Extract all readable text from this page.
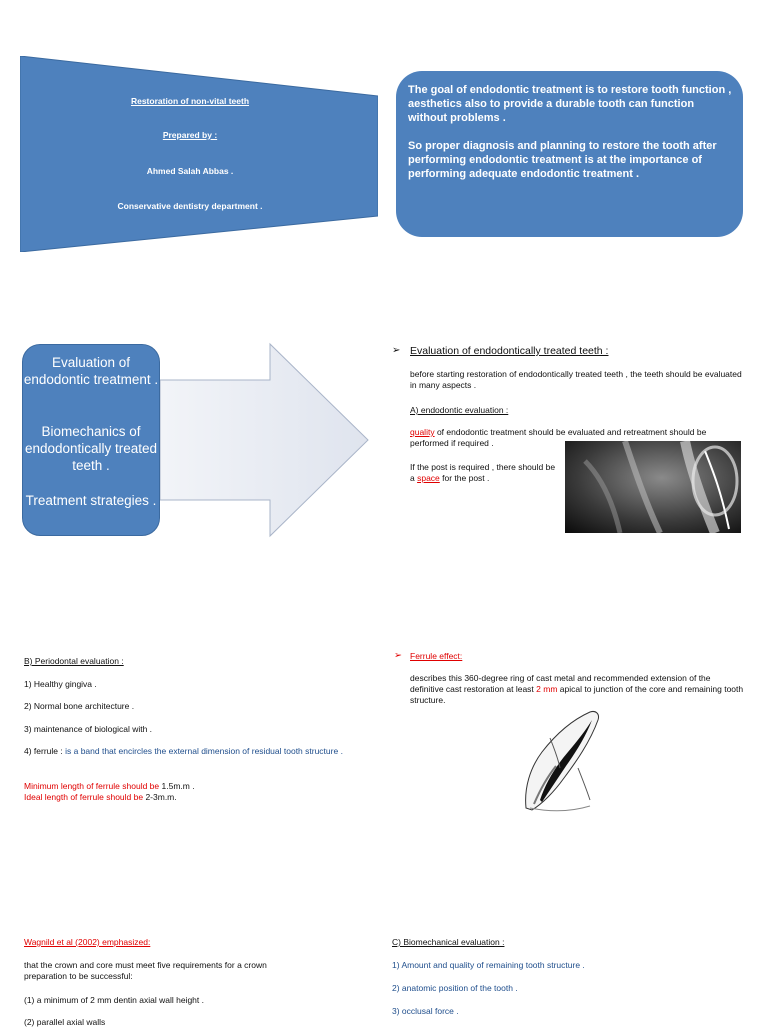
Restoration of non-vital teeth
Prepared by :
Ahmed Salah Abbas .
Conservative dentistry department .
The goal of endodontic treatment is to restore tooth function , aesthetics also to provide a durable tooth can function without problems .
So proper diagnosis and planning to restore the tooth after performing endodontic treatment is at the importance of performing adequate endodontic treatment .
Evaluation of endodontic treatment .
Biomechanics of endodontically treated teeth .
Treatment strategies .
➢ Evaluation of endodontically treated teeth :
before starting restoration of endodontically treated teeth , the teeth should be evaluated in many aspects .
A) endodontic evaluation :
quality of endodontic treatment should be evaluated and retreatment should be performed if required .
If the post is required , there should be a space for the post .
B) Periodontal evaluation :
1) Healthy gingiva .
2) Normal bone architecture .
3) maintenance of biological with .
4) ferrule : is a band that encircles the external dimension of residual tooth structure .
Minimum length of ferrule should be 1.5m.m .
Ideal length of ferrule should be 2-3m.m.
➢ Ferrule effect:
describes this 360-degree ring of cast metal and recommended extension of the definitive cast restoration at least 2 mm apical to junction of the core and remaining tooth structure.
Wagnild et al (2002) emphasized:
that the crown and core must meet five requirements for a crown preparation to be successful:
(1) a minimum of 2 mm dentin axial wall height .
(2) parallel axial walls
C) Biomechanical evaluation :
1) Amount and quality of remaining tooth structure .
2) anatomic position of the tooth .
3) occlusal force .
